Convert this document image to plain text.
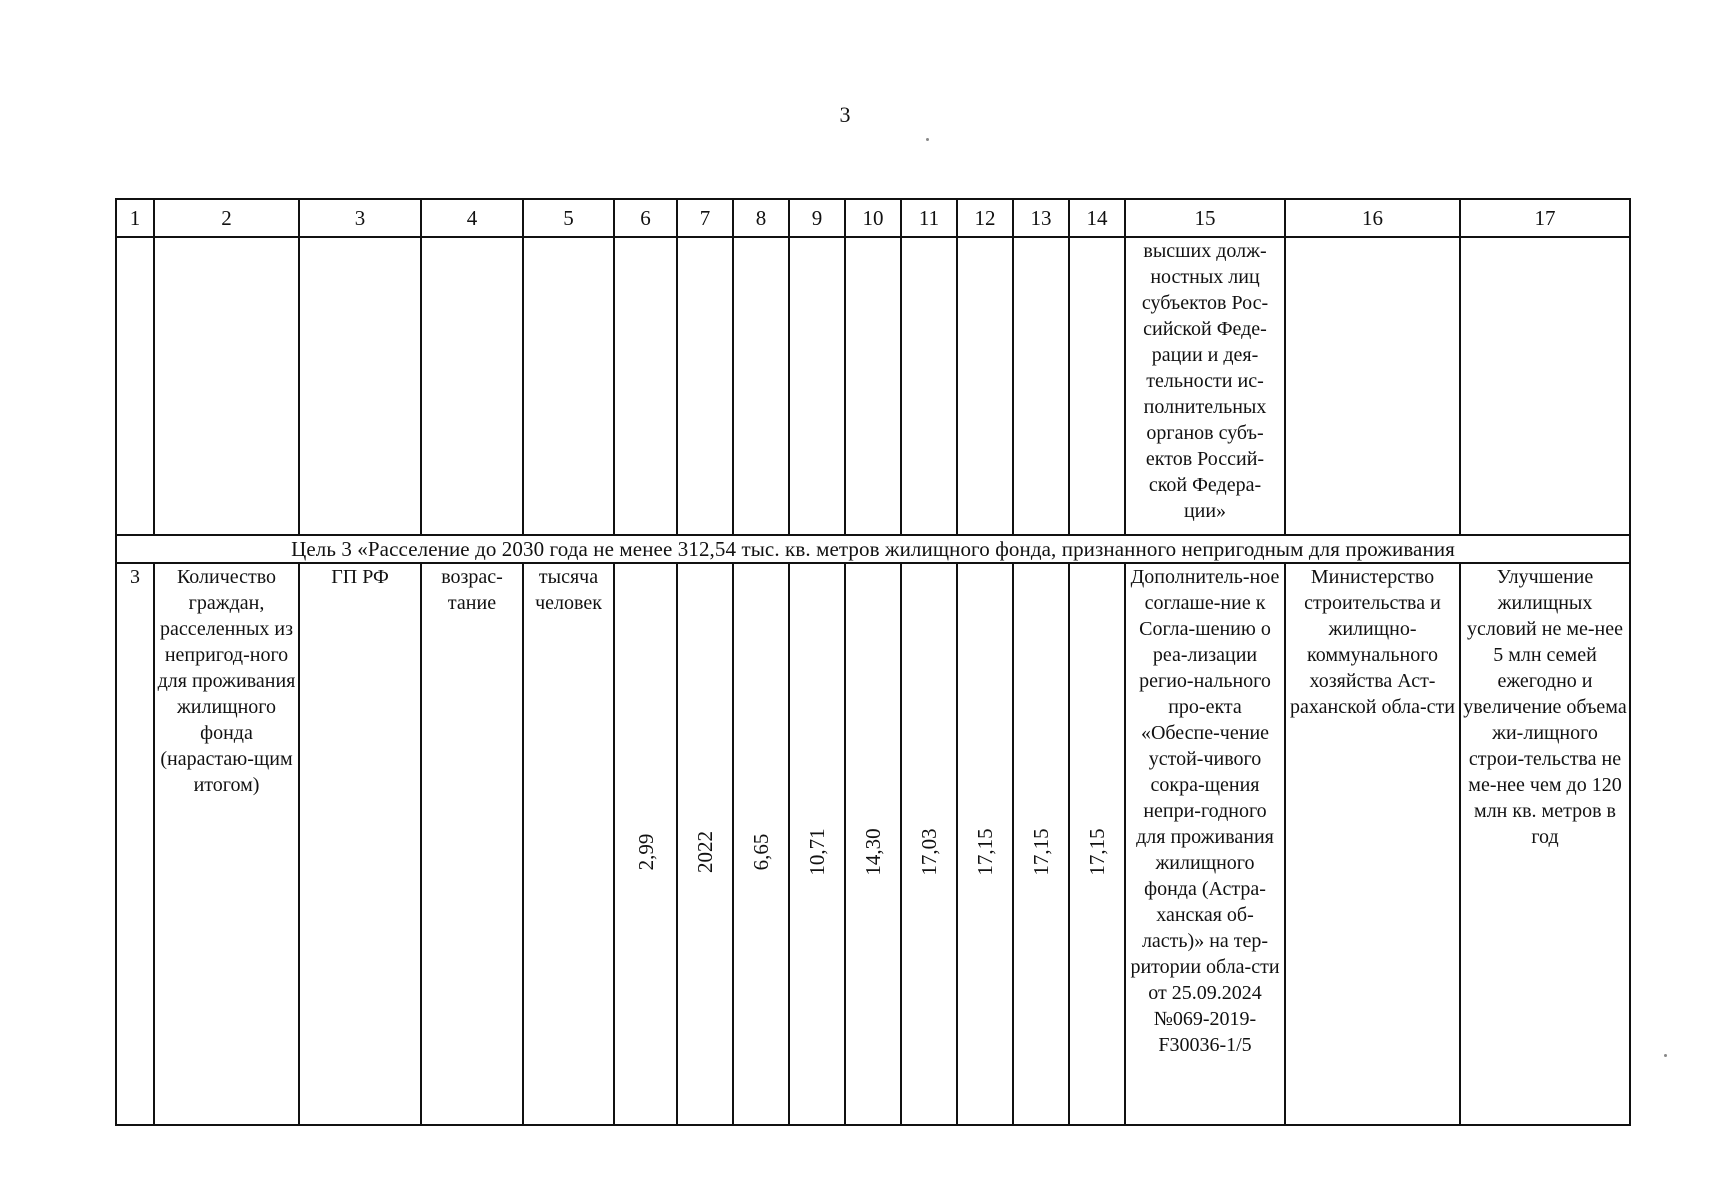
3
1	2	3	4	5	6	7	8	9	10	11	12	13	14	15	16	17
														высших долж-ностных лиц субъектов Рос-сийской Феде-рации и дея-тельности ис-полнительных органов субъ-ектов Россий-ской Федера-ции»		
Цель 3 «Расселение до 2030 года не менее 312,54 тыс. кв. метров жилищного фонда, признанного непригодным для проживания																
3	Количество граждан, расселенных из непригод-ного для проживания жилищного фонда (нарастаю-щим итогом)	ГП РФ	возрас-тание	тысяча человек	2,99	2022	6,65	10,71	14,30	17,03	17,15	17,15	17,15	Дополнитель-ное соглаше-ние к Согла-шению о реа-лизации регио-нального про-екта «Обеспе-чение устой-чивого сокра-щения непри-годного для проживания жилищного фонда (Астра-ханская об-ласть)» на тер-ритории обла-сти от 25.09.2024 №069-2019-F30036-1/5	Министерство строительства и жилищно-коммунального хозяйства Аст-раханской обла-сти	Улучшение жилищных условий не ме-нее 5 млн семей ежегодно и увеличение объема жи-лищного строи-тельства не ме-нее чем до 120 млн кв. метров в год
